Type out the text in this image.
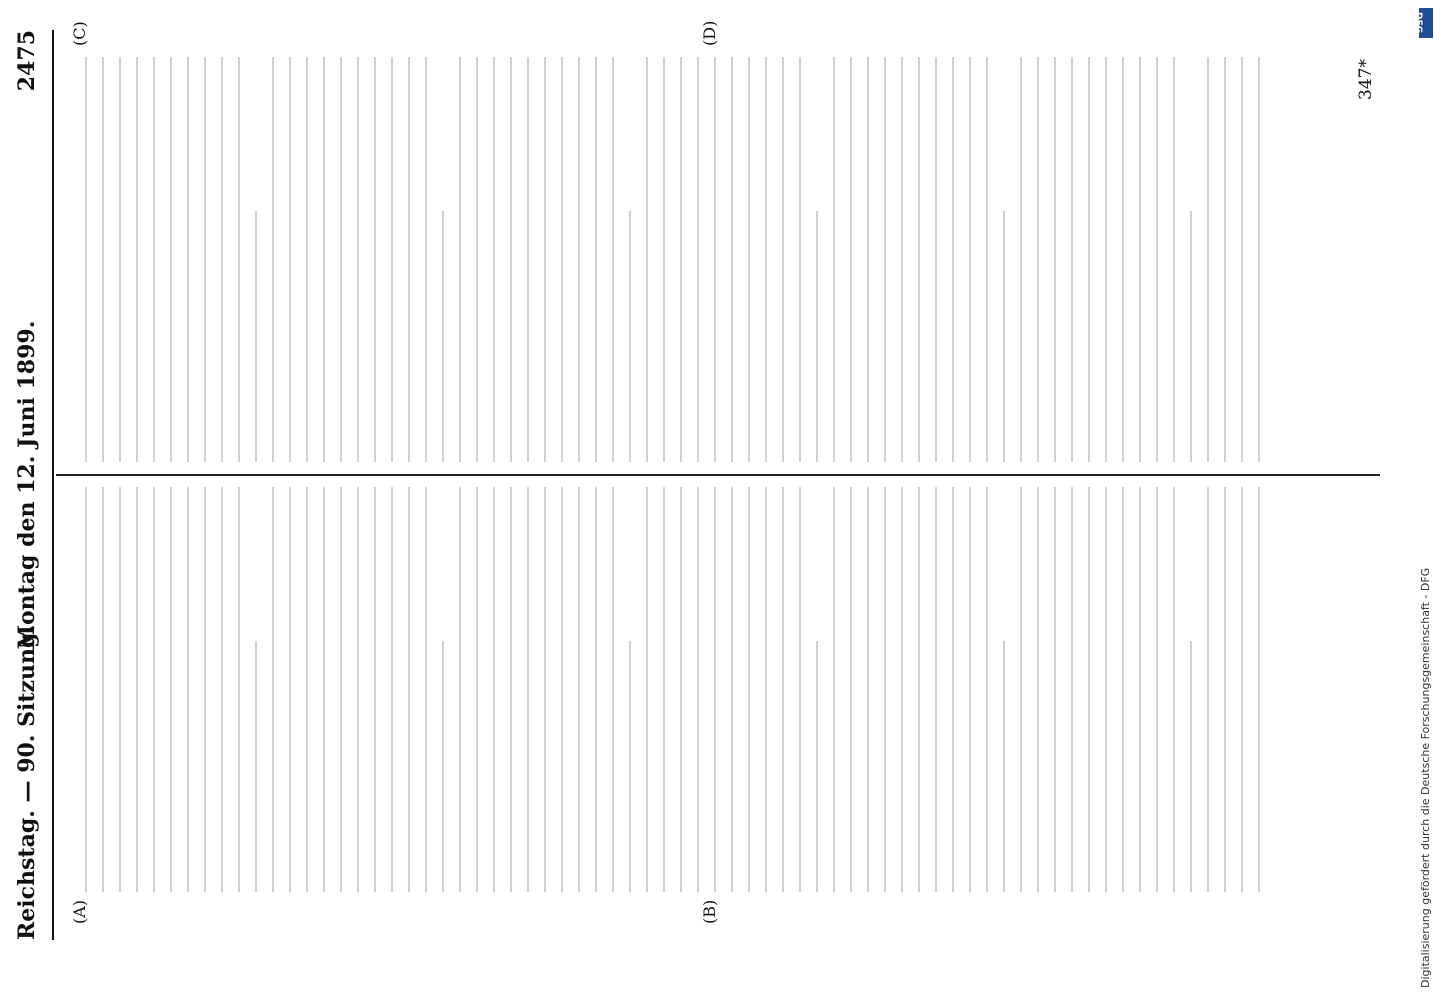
Reichstag. — 90. Sitzung.
Montag den 12. Juni 1899.
2475
(A)	(B)
(C)	(D)
347*
Digitalisierung gefördert durch die Deutsche Forschungsgemeinschaft - DFG
DFG
